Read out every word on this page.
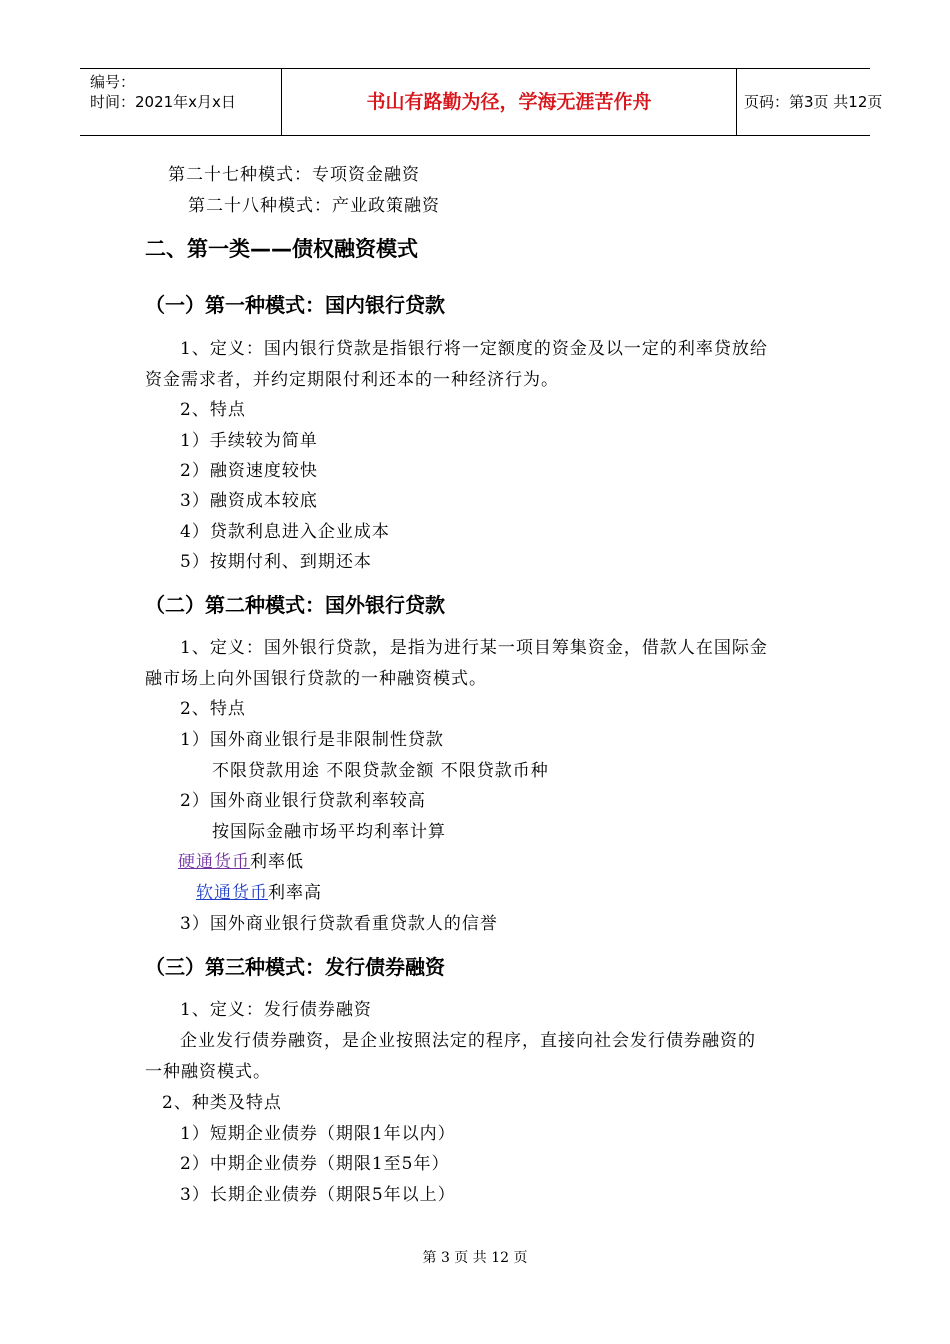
编号：
时间：2021年x月x日	书山有路勤为径，学海无涯苦作舟	页码：第3页 共12页
第二十七种模式：专项资金融资
第二十八种模式：产业政策融资
二、第一类——债权融资模式
（一）第一种模式：国内银行贷款
1、定义：国内银行贷款是指银行将一定额度的资金及以一定的利率贷放给
资金需求者，并约定期限付利还本的一种经济行为。
2、特点
1）手续较为简单
2）融资速度较快
3）融资成本较底
4）贷款利息进入企业成本
5）按期付利、到期还本
（二）第二种模式：国外银行贷款
1、定义：国外银行贷款，是指为进行某一项目筹集资金，借款人在国际金
融市场上向外国银行贷款的一种融资模式。
2、特点
1）国外商业银行是非限制性贷款
不限贷款用途 不限贷款金额 不限贷款币种
2）国外商业银行贷款利率较高
按国际金融市场平均利率计算
硬通货币利率低
软通货币利率高
3）国外商业银行贷款看重贷款人的信誉
（三）第三种模式：发行债券融资
1、定义：发行债券融资
企业发行债券融资，是企业按照法定的程序，直接向社会发行债券融资的
一种融资模式。
2、种类及特点
1）短期企业债券（期限1年以内）
2）中期企业债券（期限1至5年）
3）长期企业债券（期限5年以上）
第 3 页 共 12 页
